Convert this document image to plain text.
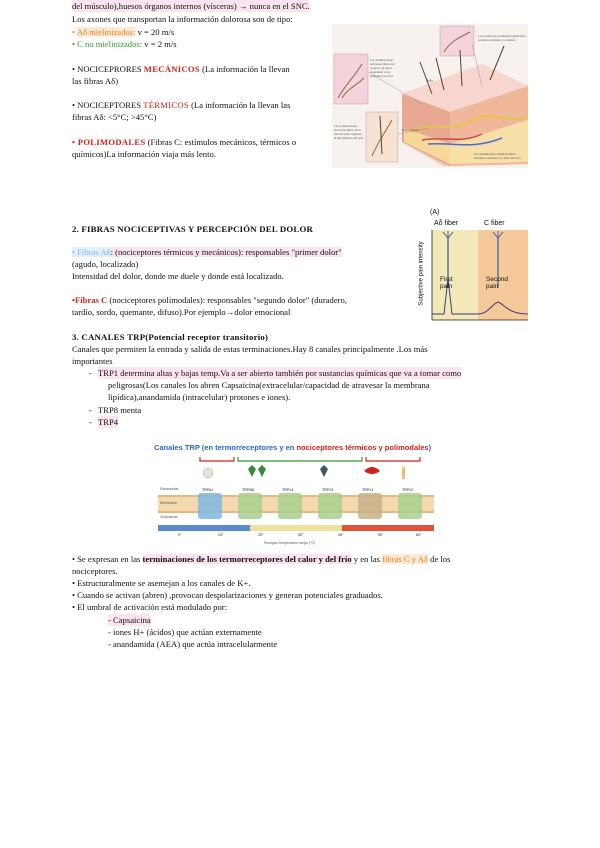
del músculo),huesos órganos internos (vísceras) → nunca en el SNC.
Los axones que transportan la información dolorosa son de tipo:
• Aδ mielinizados: v = 20 m/s
• C no mielinizados: v = 2 m/s
• NOCICEPRORES MECÁNICOS (La información la llevan
las fibras Aδ)
• NOCICEPTORES TÉRMICOS (La información la llevan las
fibras Aδ: <5°C; >45°C)
• POLIMODALES (Fibras C: estímulos mecánicos, térmicos o
químicos)La información viaja más lento.
Los terminaciones nerviosas libres del receptor de dolor responden a los estímulos nocivos
Los receptores de Merkel registran la presión constante y la textura
Pelo
Las terminaciones nerviosas libres de la raíz del pelo registran el movimiento del pelo
Raíz del pelo
Las terminaciones sensitivas libres ubicadas contactan a la célula nerviosa
2. FIBRAS NOCICEPTIVAS Y PERCEPCIÓN DEL DOLOR
• Fibras Aδ: (nociceptores térmicos y mecánicos): responsables "primer dolor"
(agudo, localizado)
Intensidad del dolor, donde me duele y donde está localizado.
•Fibras C (nociceptores polimodales): responsables "segundo dolor" (duradero,
tardío, sordo, quemante, difuso).Por ejemplo→dolor emocional
(A)
Aδ fiber	C fiber
Subjective pain intensity First
pain
Second
pain
3. CANALES TRP(Potencial receptor transitorio)
Canales que permiten la entrada y salida de estas terminaciones.Hay 8 canales principalmente .Los más
importantes
- TRP1 determina altas y bajas temp.Va a ser abierto también por sustancias químicas que va a tomar como
peligrosas(Los canales los abren Capsaicina(extracelular/capacidad de atravesar la membrana
lipídica),anandamida (intracelular) protones e iones).
- TRP8 menta
- TRP4
Canales TRP (en termorreceptores y en nociceptores térmicos y polimodales)
Extracelular
Membrana
Citoplasma
TRPA1	TRPM8	TRPV4	TRPV3	TRPV1	TRPV2
0°	10°	20°	30°	40°	50°	60°
Receptor temperature range (°C)
• Se expresan en las terminaciones de los termorreceptores del calor y del frío y en las fibras C y Aδ de los
nociceptores.
• Estructuralmente se asemejan a los canales de K+.
• Cuando se activan (abren) ,provocan despolarizaciones y generan potenciales graduados.
• El umbral de activación está modulado por:
- Capsaicina
- iones H+ (ácidos) que actúan externamente
- anandamida (AEA) que actúa intracelularmente
